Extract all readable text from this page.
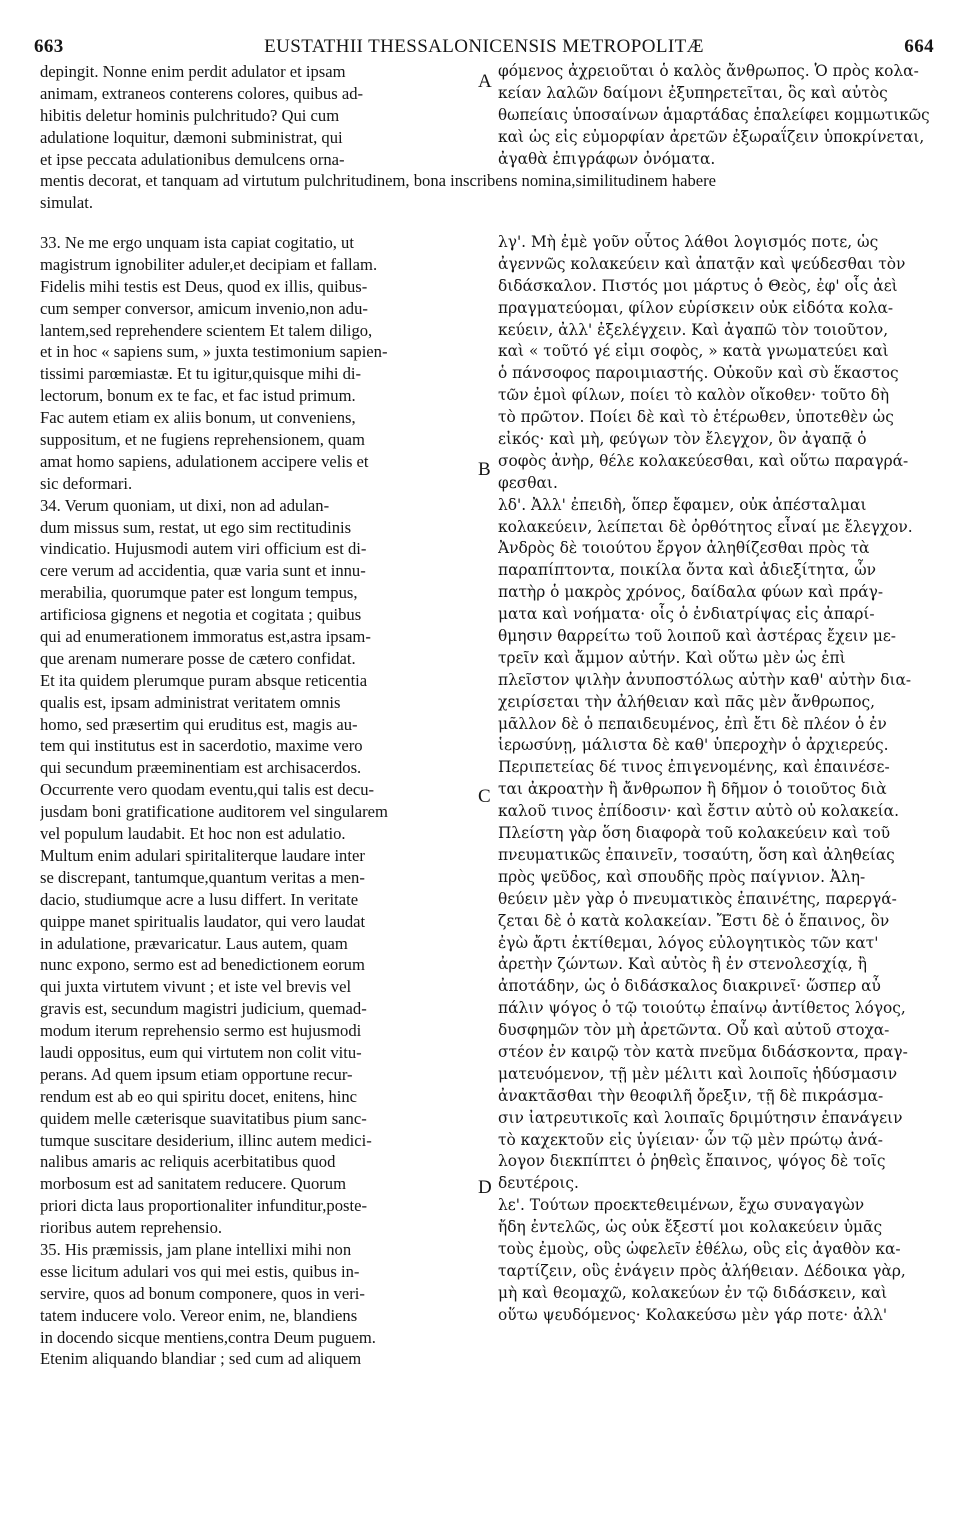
663	EUSTATHII THESSALONICENSIS METROPOLITÆ	664
depingit. Nonne enim perdit adulator et ipsam
animam, extraneos conterens colores, quibus ad-
hibitis deletur hominis pulchritudo? Qui cum
adulatione loquitur, dæmoni subministrat, qui
et ipse peccata adulationibus demulcens orna-
φόμενος ἀχρειοῦται ὁ καλὸς ἄνθρωπος. Ὁ πρὸς κολα-
κείαν λαλῶν δαίμονι ἐξυπηρετεῖται, ὃς καὶ αὐτὸς
θωπείαις ὑποσαίνων ἁμαρτάδας ἐπαλείφει κομμωτικῶς
καὶ ὡς εἰς εὐμορφίαν ἀρετῶν ἐξωραΐζειν ὑποκρίνεται,
ἀγαθὰ ἐπιγράφων ὀνόματα.
mentis decorat, et tanquam ad virtutum pulchritudinem, bona inscribens nomina,similitudinem habere
simulat.
33. Ne me ergo unquam ista capiat cogitatio, ut
magistrum ignobiliter aduler,et decipiam et fallam.
Fidelis mihi testis est Deus, quod ex illis, quibus-
cum semper conversor, amicum invenio,non adu-
lantem,sed reprehendere scientem Et talem diligo,
et in hoc « sapiens sum, » juxta testimonium sapien-
tissimi parœmiastæ. Et tu igitur,quisque mihi di-
lectorum, bonum ex te fac, et fac istud primum.
Fac autem etiam ex aliis bonum, ut conveniens,
suppositum, et ne fugiens reprehensionem, quam
amat homo sapiens, adulationem accipere velis et
sic deformari.
34. Verum quoniam, ut dixi, non ad adulan-
dum missus sum, restat, ut ego sim rectitudinis
vindicatio. Hujusmodi autem viri officium est di-
cere verum ad accidentia, quæ varia sunt et innu-
merabilia, quorumque pater est longum tempus,
artificiosa gignens et negotia et cogitata ; quibus
qui ad enumerationem immoratus est,astra ipsam-
que arenam numerare posse de cætero confidat.
Et ita quidem plerumque puram absque reticentia
qualis est, ipsam administrat veritatem omnis
homo, sed præsertim qui eruditus est, magis au-
tem qui institutus est in sacerdotio, maxime vero
qui secundum præeminentiam est archisacerdos.
Occurrente vero quodam eventu,qui talis est decu-
jusdam boni gratificatione auditorem vel singularem
vel populum laudabit. Et hoc non est adulatio.
Multum enim adulari spiritaliterque laudare inter
se discrepant, tantumque,quantum veritas a men-
dacio, studiumque acre a lusu differt. In veritate
quippe manet spiritualis laudator, qui vero laudat
in adulatione, prævaricatur. Laus autem, quam
nunc expono, sermo est ad benedictionem eorum
qui juxta virtutem vivunt ; et iste vel brevis vel
gravis est, secundum magistri judicium, quemad-
modum iterum reprehensio sermo est hujusmodi
laudi oppositus, eum qui virtutem non colit vitu-
perans. Ad quem ipsum etiam opportune recur-
rendum est ab eo qui spiritu docet, enitens, hinc
quidem melle cæterisque suavitatibus pium sanc-
tumque suscitare desiderium, illinc autem medici-
nalibus amaris ac reliquis acerbitatibus quod
morbosum est ad sanitatem reducere. Quorum
priori dicta laus proportionaliter infunditur,poste-
rioribus autem reprehensio.
35. His præmissis, jam plane intellixi mihi non
esse licitum adulari vos qui mei estis, quibus in-
servire, quos ad bonum componere, quos in veri-
tatem inducere volo. Vereor enim, ne, blandiens
in docendo sicque mentiens,contra Deum puguem.
Etenim aliquando blandiar ; sed cum ad aliquem
λγ'. Μὴ ἐμὲ γοῦν οὗτος λάθοι λογισμός ποτε, ὡς
ἀγεννῶς κολακεύειν καὶ ἀπατᾷν καὶ ψεύδεσθαι τὸν
διδάσκαλον. Πιστός μοι μάρτυς ὁ Θεὸς, ἐφ' οἷς ἀεὶ
πραγματεύομαι, φίλον εὑρίσκειν οὐκ εἰδότα κολα-
κεύειν, ἀλλ' ἐξελέγχειν. Καὶ ἀγαπῶ τὸν τοιοῦτον,
καὶ « τοῦτό γέ εἰμι σοφὸς, » κατὰ γνωματεύει καὶ
ὁ πάνσοφος παροιμιαστής. Οὐκοῦν καὶ σὺ ἕκαστος
τῶν ἐμοὶ φίλων, ποίει τὸ καλὸν οἴκοθεν· τοῦτο δὴ
τὸ πρῶτον. Ποίει δὲ καὶ τὸ ἑτέρωθεν, ὑποτεθὲν ὡς
εἰκός· καὶ μὴ, φεύγων τὸν ἔλεγχον, ὃν ἀγαπᾷ ὁ
σοφὸς ἀνὴρ, θέλε κολακεύεσθαι, καὶ οὕτω παραγρά-
φεσθαι.
λδ'. Ἀλλ' ἐπειδὴ, ὅπερ ἔφαμεν, οὐκ ἀπέσταλμαι
κολακεύειν, λείπεται δὲ ὀρθότητος εἶναί με ἔλεγχον.
Ἀνδρὸς δὲ τοιούτου ἔργον ἀληθίζεσθαι πρὸς τὰ
παραπίπτοντα, ποικίλα ὄντα καὶ ἀδιεξίτητα, ὧν
πατὴρ ὁ μακρὸς χρόνος, δαίδαλα φύων καὶ πράγ-
ματα καὶ νοήματα· οἷς ὁ ἐνδιατρίψας εἰς ἀπαρί-
θμησιν θαρρείτω τοῦ λοιποῦ καὶ ἀστέρας ἔχειν με-
τρεῖν καὶ ἄμμον αὐτήν. Καὶ οὕτω μὲν ὡς ἐπὶ
πλεῖστον ψιλὴν ἀνυποστόλως αὐτὴν καθ' αὐτὴν δια-
χειρίσεται τὴν ἀλήθειαν καὶ πᾶς μὲν ἄνθρωπος,
μᾶλλον δὲ ὁ πεπαιδευμένος, ἐπὶ ἔτι δὲ πλέον ὁ ἐν
ἱερωσύνῃ, μάλιστα δὲ καθ' ὑπεροχὴν ὁ ἀρχιερεύς.
Περιπετείας δέ τινος ἐπιγενομένης, καὶ ἐπαινέσε-
ται ἀκροατὴν ἢ ἄνθρωπον ἢ δῆμον ὁ τοιοῦτος διὰ
καλοῦ τινος ἐπίδοσιν· καὶ ἔστιν αὐτὸ οὐ κολακεία.
Πλείστη γὰρ ὅση διαφορὰ τοῦ κολακεύειν καὶ τοῦ
πνευματικῶς ἐπαινεῖν, τοσαύτη, ὅση καὶ ἀληθείας
πρὸς ψεῦδος, καὶ σπουδῆς πρὸς παίγνιον. Ἀλη-
θεύειν μὲν γὰρ ὁ πνευματικὸς ἐπαινέτης, παρεργά-
ζεται δὲ ὁ κατὰ κολακείαν. Ἔστι δὲ ὁ ἔπαινος, ὃν
ἐγὼ ἄρτι ἐκτίθεμαι, λόγος εὐλογητικὸς τῶν κατ'
ἀρετὴν ζώντων. Καὶ αὐτὸς ἢ ἐν στενολεσχίᾳ, ἢ
ἀποτάδην, ὡς ὁ διδάσκαλος διακρινεῖ· ὥσπερ αὖ
πάλιν ψόγος ὁ τῷ τοιούτῳ ἐπαίνῳ ἀντίθετος λόγος,
δυσφημῶν τὸν μὴ ἀρετῶντα. Οὗ καὶ αὐτοῦ στοχα-
στέον ἐν καιρῷ τὸν κατὰ πνεῦμα διδάσκοντα, πραγ-
ματευόμενον, τῇ μὲν μέλιτι καὶ λοιποῖς ἡδύσμασιν
ἀνακτᾶσθαι τὴν θεοφιλῆ ὄρεξιν, τῇ δὲ πικράσμα-
σιν ἰατρευτικοῖς καὶ λοιπαῖς δριμύτησιν ἐπανάγειν
τὸ καχεκτοῦν εἰς ὑγίειαν· ὧν τῷ μὲν πρώτῳ ἀνά-
λογον διεκπίπτει ὁ ῥηθεὶς ἔπαινος, ψόγος δὲ τοῖς
δευτέροις.
λε'. Τούτων προεκτεθειμένων, ἔχω συναγαγὼν
ἤδη ἐντελῶς, ὡς οὐκ ἔξεστί μοι κολακεύειν ὑμᾶς
τοὺς ἐμοὺς, οὓς ὠφελεῖν ἐθέλω, οὓς εἰς ἀγαθὸν κα-
ταρτίζειν, οὓς ἐνάγειν πρὸς ἀλήθειαν. Δέδοικα γὰρ,
μὴ καὶ θεομαχῶ, κολακεύων ἐν τῷ διδάσκειν, καὶ
οὕτω ψευδόμενος· Κολακεύσω μὲν γάρ ποτε· ἀλλ'
A
B
C
D
